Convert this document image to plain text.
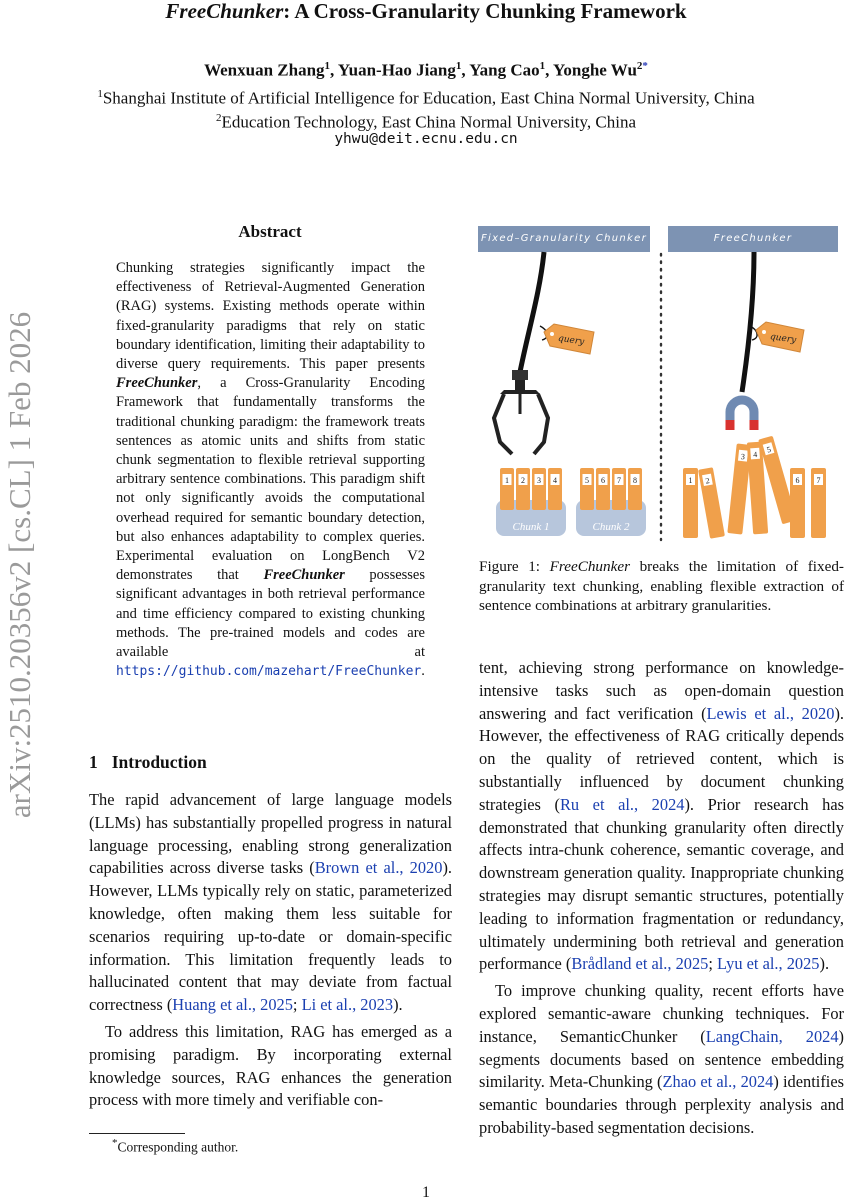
FreeChunker: A Cross-Granularity Chunking Framework
Wenxuan Zhang$^1$, Yuan-Hao Jiang$^1$, Yang Cao$^1$, Yonghe $Wu^{2*}$
$^1$Shanghai Institute of Artificial Intelligence for Education, East China Normal University, China
$^2$Education Technology, East China Normal University, China
yhwu@deit.ecnu.edu.cn
arXiv:2510.20356v2 [cs.CL] 1 Feb 2026
Abstract
Chunking strategies significantly impact the effectiveness of Retrieval-Augmented Generation (RAG) systems. Existing methods operate within fixed-granularity paradigms that rely on static boundary identification, limiting their adaptability to diverse query requirements. This paper presents FreeChunker, a Cross-Granularity Encoding Framework that fundamentally transforms the traditional chunking paradigm: the framework treats sentences as atomic units and shifts from static chunk segmentation to flexible retrieval supporting arbitrary sentence combinations. This paradigm shift not only significantly avoids the computational overhead required for semantic boundary detection, but also enhances adaptability to complex queries. Experimental evaluation on LongBench V2 demonstrates that FreeChunker possesses significant advantages in both retrieval performance and time efficiency compared to existing chunking methods. The pre-trained models and codes are available at https://github.com/mazehart/FreeChunker.
1 Introduction

The rapid advancement of large language models (LLMs) has substantially propelled progress in natural language processing, enabling strong generalization capabilities across diverse tasks (Brown et al., 2020). However, LLMs typically rely on static, parameterized knowledge, often making them less suitable for scenarios requiring up-to-date or domain-specific information. This limitation frequently leads to hallucinated content that may deviate from factual correctness (Huang et al., 2025; Li et al., 2023).

To address this limitation, RAG has emerged as a promising paradigm. By incorporating external knowledge sources, RAG enhances the generation process with more timely and verifiable con-

tent, achieving strong performance on knowledge-intensive tasks such as open-domain question answering and fact verification (Lewis et al., 2020). However, the effectiveness of RAG critically depends on the quality of retrieved content, which is substantially influenced by document chunking strategies (Ru et al., 2024). Prior research has demonstrated that chunking granularity often directly affects intra-chunk coherence, semantic coverage, and downstream generation quality. Inappropriate chunking strategies may disrupt semantic structures, potentially leading to information fragmentation or redundancy, ultimately undermining both retrieval and generation performance (Brådland et al., 2025; Lyu et al., 2025).

To improve chunking quality, recent efforts have explored semantic-aware chunking techniques. For instance, SemanticChunker (LangChain, 2024) segments documents based on sentence embedding similarity. Meta-Chunking (Zhao et al., 2024) identifies semantic boundaries through perplexity analysis and probability-based segmentation decisions.

Fixed–Granularity Chunker	FreeChunker
query
Chunk 1
1 2 3 4
Chunk 2
5 6 7 8
query
1 2
3 4 5
6 7
Figure 1: FreeChunker breaks the limitation of fixed-granularity text chunking, enabling flexible extraction of sentence combinations at arbitrary granularities.
*Corresponding author.
1
